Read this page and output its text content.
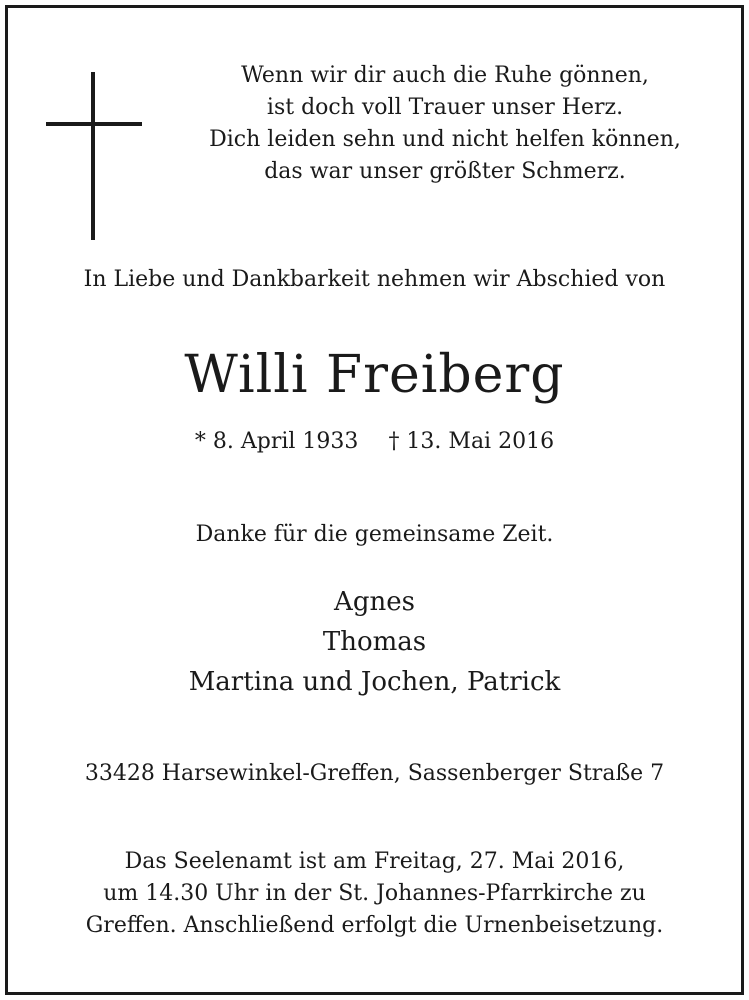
Wenn wir dir auch die Ruhe gönnen,
ist doch voll Trauer unser Herz.
Dich leiden sehn und nicht helfen können,
das war unser größter Schmerz.
In Liebe und Dankbarkeit nehmen wir Abschied von
Willi Freiberg
* 8. April 1933 † 13. Mai 2016
Danke für die gemeinsame Zeit.
Agnes
Thomas
Martina und Jochen, Patrick
33428 Harsewinkel-Greffen, Sassenberger Straße 7
Das Seelenamt ist am Freitag, 27. Mai 2016,
um 14.30 Uhr in der St. Johannes-Pfarrkirche zu
Greffen. Anschließend erfolgt die Urnenbeisetzung.
